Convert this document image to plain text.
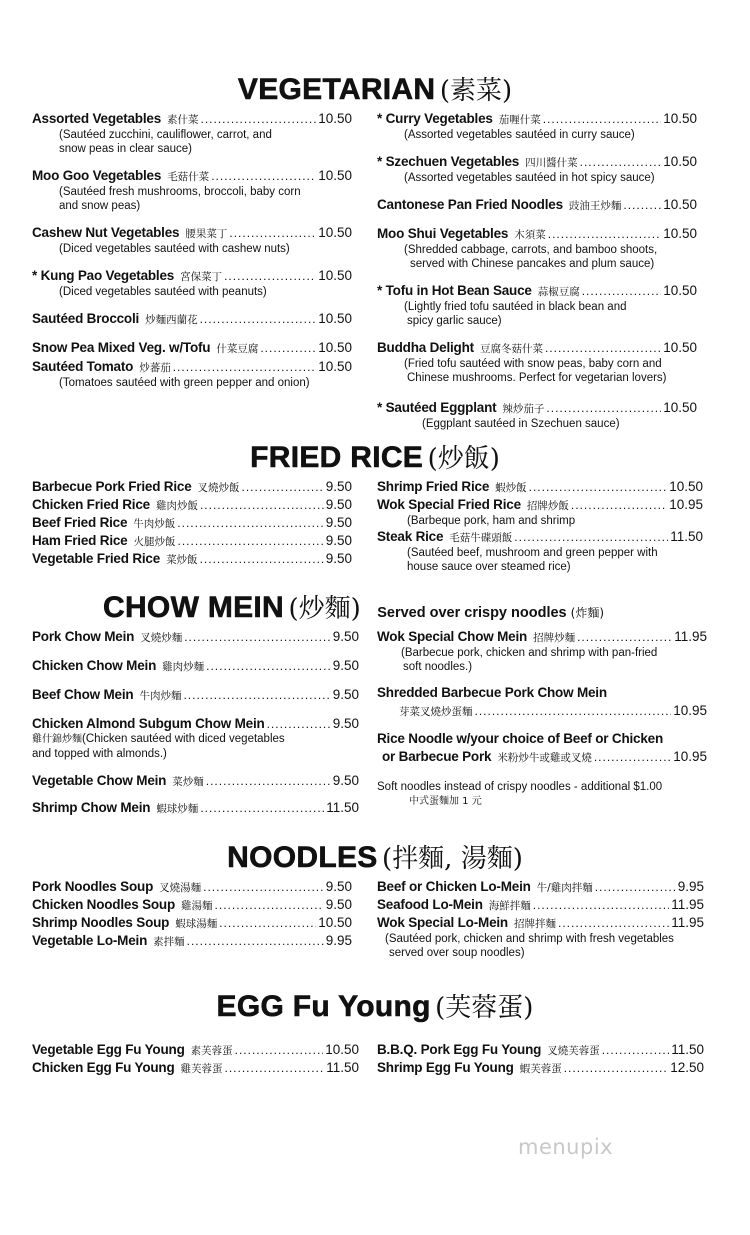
VEGETARIAN (素菜)
Assorted Vegetables 素什菜 .....	10.50
(Sautéed zucchini, cauliflower, carrot, and
snow peas in clear sauce)
Moo Goo Vegetables 毛菇什菜 .....	10.50
(Sautéed fresh mushrooms, broccoli, baby corn
and snow peas)
Cashew Nut Vegetables 腰果菜丁 .....	10.50
(Diced vegetables sautéed with cashew nuts)
* Kung Pao Vegetables 宮保菜丁 .....	10.50
(Diced vegetables sautéed with peanuts)
Sautéed Broccoli 炒麵西蘭花 .....	10.50
Snow Pea Mixed Veg. w/Tofu 什菜豆腐 .....	10.50
Sautéed Tomato 炒蕃茄 .....	10.50
(Tomatoes sautéed with green pepper and onion)
* Curry Vegetables 茄喱什菜 .....	10.50
(Assorted vegetables sautéed in curry sauce)
* Szechuen Vegetables 四川醬什菜 .....	10.50
(Assorted vegetables sautéed in hot spicy sauce)
Cantonese Pan Fried Noodles 豉油王炒麵 .....	10.50
Moo Shui Vegetables 木須菜 .....	10.50
(Shredded cabbage, carrots, and bamboo shoots,
served with Chinese pancakes and plum sauce)
* Tofu in Hot Bean Sauce 蒜椒豆腐 .....	10.50
(Lightly fried tofu sautéed in black bean and
spicy garlic sauce)
Buddha Delight 豆腐冬菇什菜 .....	10.50
(Fried tofu sautéed with snow peas, baby corn and
Chinese mushrooms. Perfect for vegetarian lovers)
* Sautéed Eggplant 辣炒茄子 .....	10.50
(Eggplant sautéed in Szechuen sauce)
FRIED RICE (炒飯)
Barbecue Pork Fried Rice 叉燒炒飯 .....	9.50
Chicken Fried Rice 雞肉炒飯 .....	9.50
Beef Fried Rice 牛肉炒飯 .....	9.50
Ham Fried Rice 火腿炒飯 .....	9.50
Vegetable Fried Rice 菜炒飯 .....	9.50
Shrimp Fried Rice 蝦炒飯 .....	10.50
Wok Special Fried Rice 招牌炒飯 .....	10.95
(Barbeque pork, ham and shrimp
Steak Rice 毛菇牛碟頭飯 .....	11.50
(Sautéed beef, mushroom and green pepper with
house sauce over steamed rice)
CHOW MEIN (炒麵) Served over crispy noodles (炸麵)
Pork Chow Mein 叉燒炒麵 .....	9.50
Chicken Chow Mein 雞肉炒麵 .....	9.50
Beef Chow Mein 牛肉炒麵 .....	9.50
Chicken Almond Subgum Chow Mein .....	9.50
雞什錦炒麵(Chicken sautéed with diced vegetables
and topped with almonds.)
Vegetable Chow Mein 菜炒麵 .....	9.50
Shrimp Chow Mein 蝦球炒麵 .....	11.50
Wok Special Chow Mein 招牌炒麵 .....	11.95
(Barbecue pork, chicken and shrimp with pan-fried
soft noodles.)
Shredded Barbecue Pork Chow Mein
芽菜叉燒炒蛋麵 .....	10.95
Rice Noodle w/your choice of Beef or Chicken
or Barbecue Pork 米粉炒牛或雞或叉燒 .....	10.95
Soft noodles instead of crispy noodles - additional $1.00
中式蛋麵加 1 元
NOODLES (拌麵, 湯麵)
Pork Noodles Soup 叉燒湯麵 .....	9.50
Chicken Noodles Soup 雞湯麵 .....	9.50
Shrimp Noodles Soup 蝦球湯麵 .....	10.50
Vegetable Lo-Mein 素拌麵 .....	9.95
Beef or Chicken Lo-Mein 牛/雞肉拌麵 .....	9.95
Seafood Lo-Mein 海鮮拌麵 .....	11.95
Wok Special Lo-Mein 招牌拌麵 .....	11.95
(Sautéed pork, chicken and shrimp with fresh vegetables
served over soup noodles)
EGG Fu Young (芙蓉蛋)
Vegetable Egg Fu Young 素芙蓉蛋 .....	10.50
Chicken Egg Fu Young 雞芙蓉蛋 .....	11.50
B.B.Q. Pork Egg Fu Young 叉燒芙蓉蛋 .....	11.50
Shrimp Egg Fu Young 蝦芙蓉蛋 .....	12.50
menupix
